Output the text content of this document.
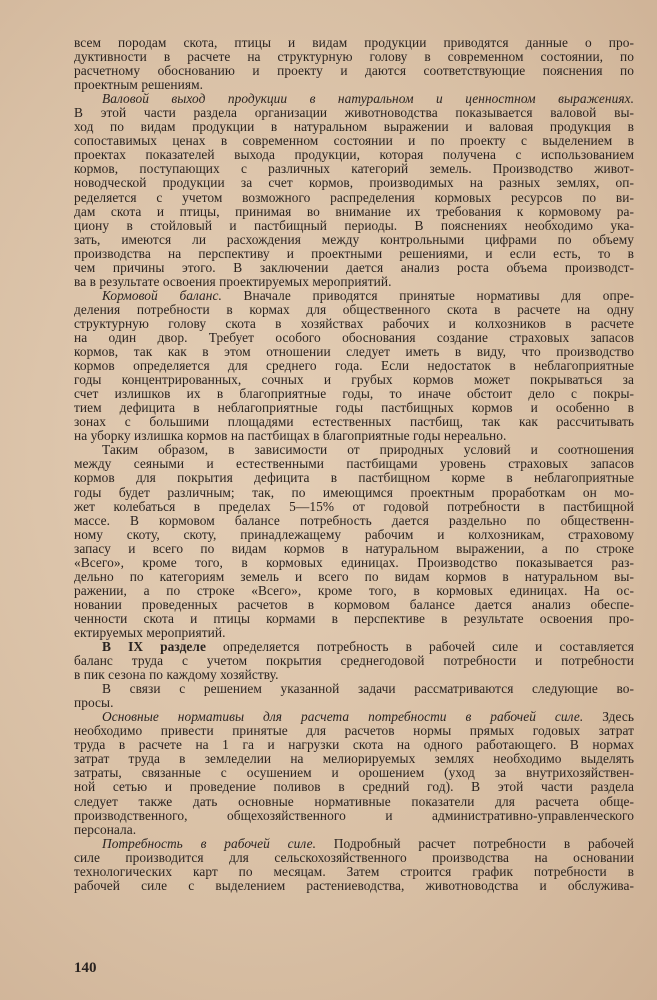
всем породам скота, птицы и видам продукции приводятся данные о про-
дуктивности в расчете на структурную голову в современном состоянии, по
расчетному обоснованию и проекту и даются соответствующие пояснения по
проектным решениям.
Валовой выход продукции в натуральном и ценностном выражениях.
В этой части раздела организации животноводства показывается валовой вы-
ход по видам продукции в натуральном выражении и валовая продукция в
сопоставимых ценах в современном состоянии и по проекту с выделением в
проектах показателей выхода продукции, которая получена с использованием
кормов, поступающих с различных категорий земель. Производство живот-
новодческой продукции за счет кормов, производимых на разных землях, оп-
ределяется с учетом возможного распределения кормовых ресурсов по ви-
дам скота и птицы, принимая во внимание их требования к кормовому ра-
циону в стойловый и пастбищный периоды. В пояснениях необходимо ука-
зать, имеются ли расхождения между контрольными цифрами по объему
производства на перспективу и проектными решениями, и если есть, то в
чем причины этого. В заключении дается анализ роста объема производст-
ва в результате освоения проектируемых мероприятий.
Кормовой баланс. Вначале приводятся принятые нормативы для опре-
деления потребности в кормах для общественного скота в расчете на одну
структурную голову скота в хозяйствах рабочих и колхозников в расчете
на один двор. Требует особого обоснования создание страховых запасов
кормов, так как в этом отношении следует иметь в виду, что производство
кормов определяется для среднего года. Если недостаток в неблагоприятные
годы концентрированных, сочных и грубых кормов может покрываться за
счет излишков их в благоприятные годы, то иначе обстоит дело с покры-
тием дефицита в неблагоприятные годы пастбищных кормов и особенно в
зонах с большими площадями естественных пастбищ, так как рассчитывать
на уборку излишка кормов на пастбищах в благоприятные годы нереально.
Таким образом, в зависимости от природных условий и соотношения
между сеяными и естественными пастбищами уровень страховых запасов
кормов для покрытия дефицита в пастбищном корме в неблагоприятные
годы будет различным; так, по имеющимся проектным проработкам он мо-
жет колебаться в пределах 5—15% от годовой потребности в пастбищной
массе. В кормовом балансе потребность дается раздельно по общественн-
ному скоту, скоту, принадлежащему рабочим и колхозникам, страховому
запасу и всего по видам кормов в натуральном выражении, а по строке
«Всего», кроме того, в кормовых единицах. Производство показывается раз-
дельно по категориям земель и всего по видам кормов в натуральном вы-
ражении, а по строке «Всего», кроме того, в кормовых единицах. На ос-
новании проведенных расчетов в кормовом балансе дается анализ обеспе-
ченности скота и птицы кормами в перспективе в результате освоения про-
ектируемых мероприятий.
В IX разделе определяется потребность в рабочей силе и составляется
баланс труда с учетом покрытия среднегодовой потребности и потребности
в пик сезона по каждому хозяйству.
В связи с решением указанной задачи рассматриваются следующие во-
просы.
Основные нормативы для расчета потребности в рабочей силе. Здесь
необходимо привести принятые для расчетов нормы прямых годовых затрат
труда в расчете на 1 га и нагрузки скота на одного работающего. В нормах
затрат труда в земледелии на мелиорируемых землях необходимо выделять
затраты, связанные с осушением и орошением (уход за внутрихозяйствен-
ной сетью и проведение поливов в средний год). В этой части раздела
следует также дать основные нормативные показатели для расчета обще-
производственного, общехозяйственного и административно-управленческого
персонала.
Потребность в рабочей силе. Подробный расчет потребности в рабочей
силе производится для сельскохозяйственного производства на основании
технологических карт по месяцам. Затем строится график потребности в
рабочей силе с выделением растениеводства, животноводства и обслужива-
140
